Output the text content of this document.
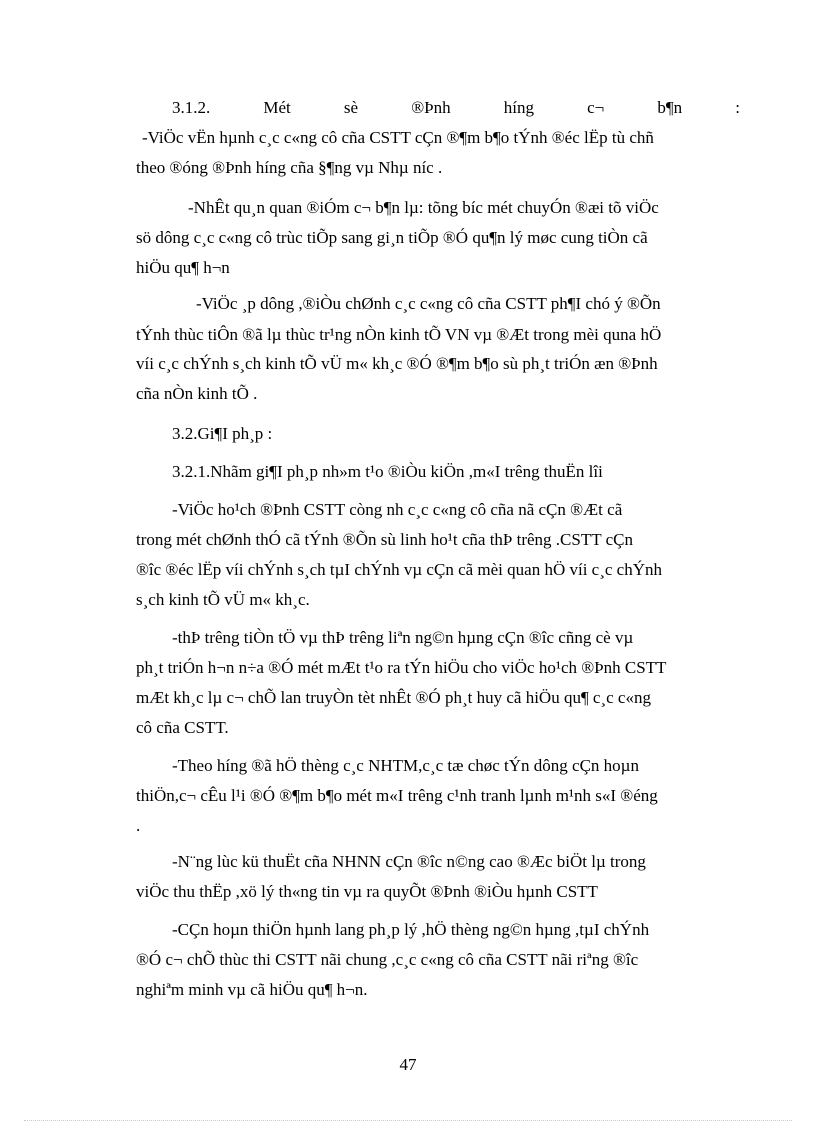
3.1.2.	Mét	sè	®Þnh	híng	c¬	b¶n	:
-ViÖc vËn hµnh c¸c c«ng cô cña CSTT cÇn ®¶m b¶o tÝnh ®éc lËp tù chñ
theo ®óng ®Þnh híng cña §¶ng vµ Nhµ níc .
-NhÊt qu¸n quan ®iÓm c¬ b¶n lµ: tõng bíc mét chuyÓn ®æi tõ viÖc
sö dông c¸c c«ng cô trùc tiÕp sang gi¸n tiÕp ®Ó qu¶n lý møc cung tiÒn cã
hiÖu qu¶ h¬n
-ViÖc ¸p dông ,®iÒu chØnh c¸c c«ng cô cña CSTT ph¶I chó ý ®Õn
tÝnh thùc tiÔn ®ã lµ thùc tr¹ng nÒn kinh tÕ VN vµ ®Æt trong mèi quna hÖ
víi c¸c chÝnh s¸ch kinh tÕ vÜ m« kh¸c ®Ó ®¶m b¶o sù ph¸t triÓn æn ®Þnh
cña nÒn kinh tÕ .
3.2.Gi¶I ph¸p :
3.2.1.Nhãm gi¶I ph¸p nh»m t¹o ®iÒu kiÖn ,m«I trêng thuËn lîi
-ViÖc ho¹ch ®Þnh CSTT còng nh c¸c c«ng cô cña nã cÇn ®Æt cã
trong mét chØnh thÓ cã tÝnh ®Õn sù linh ho¹t cña thÞ trêng .CSTT cÇn
®îc ®éc lËp víi chÝnh s¸ch tµI chÝnh vµ cÇn cã mèi quan hÖ víi c¸c chÝnh
s¸ch kinh tÕ vÜ m« kh¸c.
-thÞ trêng tiÒn tÖ vµ thÞ trêng liªn ng©n hµng cÇn ®îc cñng cè vµ
ph¸t triÓn h¬n n÷a ®Ó mét mÆt t¹o ra tÝn hiÖu cho viÖc ho¹ch ®Þnh CSTT
mÆt kh¸c lµ c¬ chÕ lan truyÒn tèt nhÊt ®Ó ph¸t huy cã hiÖu qu¶ c¸c c«ng
cô cña CSTT.
-Theo híng ®ã hÖ thèng c¸c NHTM,c¸c tæ chøc tÝn dông cÇn hoµn
thiÖn,c¬ cÊu l¹i ®Ó ®¶m b¶o mét m«I trêng c¹nh tranh lµnh m¹nh s«I ®éng
.
-N¨ng lùc kü thuËt cña NHNN cÇn ®îc n©ng cao ®Æc biÖt lµ trong
viÖc thu thËp ,xö lý th«ng tin vµ ra quyÕt ®Þnh ®iÒu hµnh CSTT
-CÇn hoµn thiÖn hµnh lang ph¸p lý ,hÖ thèng ng©n hµng ,tµI chÝnh
®Ó c¬ chÕ thùc thi CSTT nãi chung ,c¸c c«ng cô cña CSTT nãi riªng ®îc
nghiªm minh vµ cã hiÖu qu¶ h¬n.
47
